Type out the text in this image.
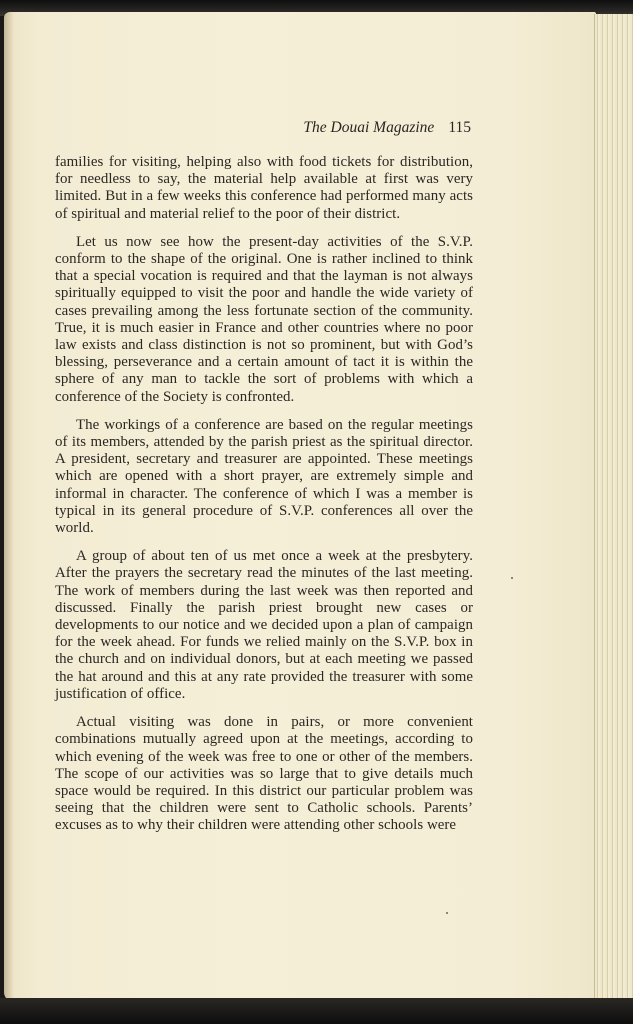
The Douai Magazine 115

families for visiting, helping also with food tickets for distribution, for needless to say, the material help available at first was very limited. But in a few weeks this conference had performed many acts of spiritual and material relief to the poor of their district.

Let us now see how the present-day activities of the S.V.P. conform to the shape of the original. One is rather inclined to think that a special vocation is required and that the layman is not always spiritually equipped to visit the poor and handle the wide variety of cases prevailing among the less fortunate section of the community. True, it is much easier in France and other countries where no poor law exists and class distinction is not so prominent, but with God’s blessing, perseverance and a certain amount of tact it is within the sphere of any man to tackle the sort of problems with which a conference of the Society is confronted.

The workings of a conference are based on the regular meetings of its members, attended by the parish priest as the spiritual director. A president, secretary and treasurer are appointed. These meetings which are opened with a short prayer, are extremely simple and informal in character. The conference of which I was a member is typical in its general procedure of S.V.P. conferences all over the world.

A group of about ten of us met once a week at the presbytery. After the prayers the secretary read the minutes of the last meeting. The work of members during the last week was then reported and discussed. Finally the parish priest brought new cases or developments to our notice and we decided upon a plan of campaign for the week ahead. For funds we relied mainly on the S.V.P. box in the church and on individual donors, but at each meeting we passed the hat around and this at any rate provided the treasurer with some justification of office.

Actual visiting was done in pairs, or more convenient combinations mutually agreed upon at the meetings, according to which evening of the week was free to one or other of the members. The scope of our activities was so large that to give details much space would be required. In this district our particular problem was seeing that the children were sent to Catholic schools. Parents’ excuses as to why their children were attending other schools were
